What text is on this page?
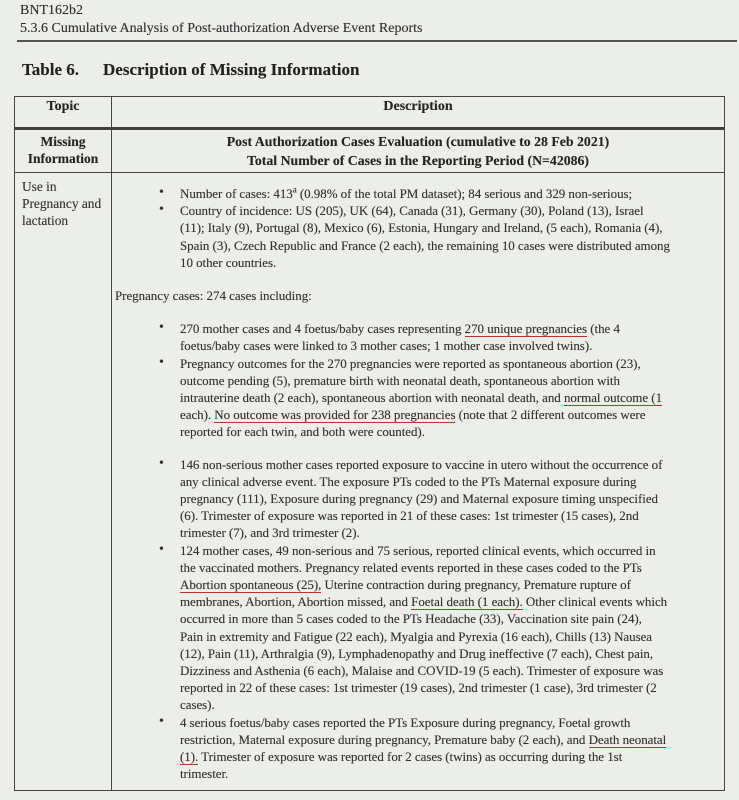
BNT162b2
5.3.6 Cumulative Analysis of Post-authorization Adverse Event Reports
Table 6. Description of Missing Information
Topic	Description
Missing Information
Post Authorization Cases Evaluation (cumulative to 28 Feb 2021)
Total Number of Cases in the Reporting Period (N=42086)
Use in Pregnancy and lactation
• Number of cases: 413$^a$ (0.98% of the total PM dataset); 84 serious and 329 non-serious;
• Country of incidence: US (205), UK (64), Canada (31), Germany (30), Poland (13), Israel
(11); Italy (9), Portugal (8), Mexico (6), Estonia, Hungary and Ireland, (5 each), Romania (4),
Spain (3), Czech Republic and France (2 each), the remaining 10 cases were distributed among
10 other countries.
Pregnancy cases: 274 cases including:
• 270 mother cases and 4 foetus/baby cases representing 270 unique pregnancies (the 4
foetus/baby cases were linked to 3 mother cases; 1 mother case involved twins).
• Pregnancy outcomes for the 270 pregnancies were reported as spontaneous abortion (23),
outcome pending (5), premature birth with neonatal death, spontaneous abortion with
intrauterine death (2 each), spontaneous abortion with neonatal death, and normal outcome (1
each). No outcome was provided for 238 pregnancies (note that 2 different outcomes were
reported for each twin, and both were counted).
• 146 non-serious mother cases reported exposure to vaccine in utero without the occurrence of
any clinical adverse event. The exposure PTs coded to the PTs Maternal exposure during
pregnancy (111), Exposure during pregnancy (29) and Maternal exposure timing unspecified
(6). Trimester of exposure was reported in 21 of these cases: 1st trimester (15 cases), 2nd
trimester (7), and 3rd trimester (2).
• 124 mother cases, 49 non-serious and 75 serious, reported clinical events, which occurred in
the vaccinated mothers. Pregnancy related events reported in these cases coded to the PTs
Abortion spontaneous (25), Uterine contraction during pregnancy, Premature rupture of
membranes, Abortion, Abortion missed, and Foetal death (1 each). Other clinical events which
occurred in more than 5 cases coded to the PTs Headache (33), Vaccination site pain (24),
Pain in extremity and Fatigue (22 each), Myalgia and Pyrexia (16 each), Chills (13) Nausea
(12), Pain (11), Arthralgia (9), Lymphadenopathy and Drug ineffective (7 each), Chest pain,
Dizziness and Asthenia (6 each), Malaise and COVID-19 (5 each). Trimester of exposure was
reported in 22 of these cases: 1st trimester (19 cases), 2nd trimester (1 case), 3rd trimester (2
cases).
• 4 serious foetus/baby cases reported the PTs Exposure during pregnancy, Foetal growth
restriction, Maternal exposure during pregnancy, Premature baby (2 each), and Death neonatal
(1). Trimester of exposure was reported for 2 cases (twins) as occurring during the 1st
trimester.
